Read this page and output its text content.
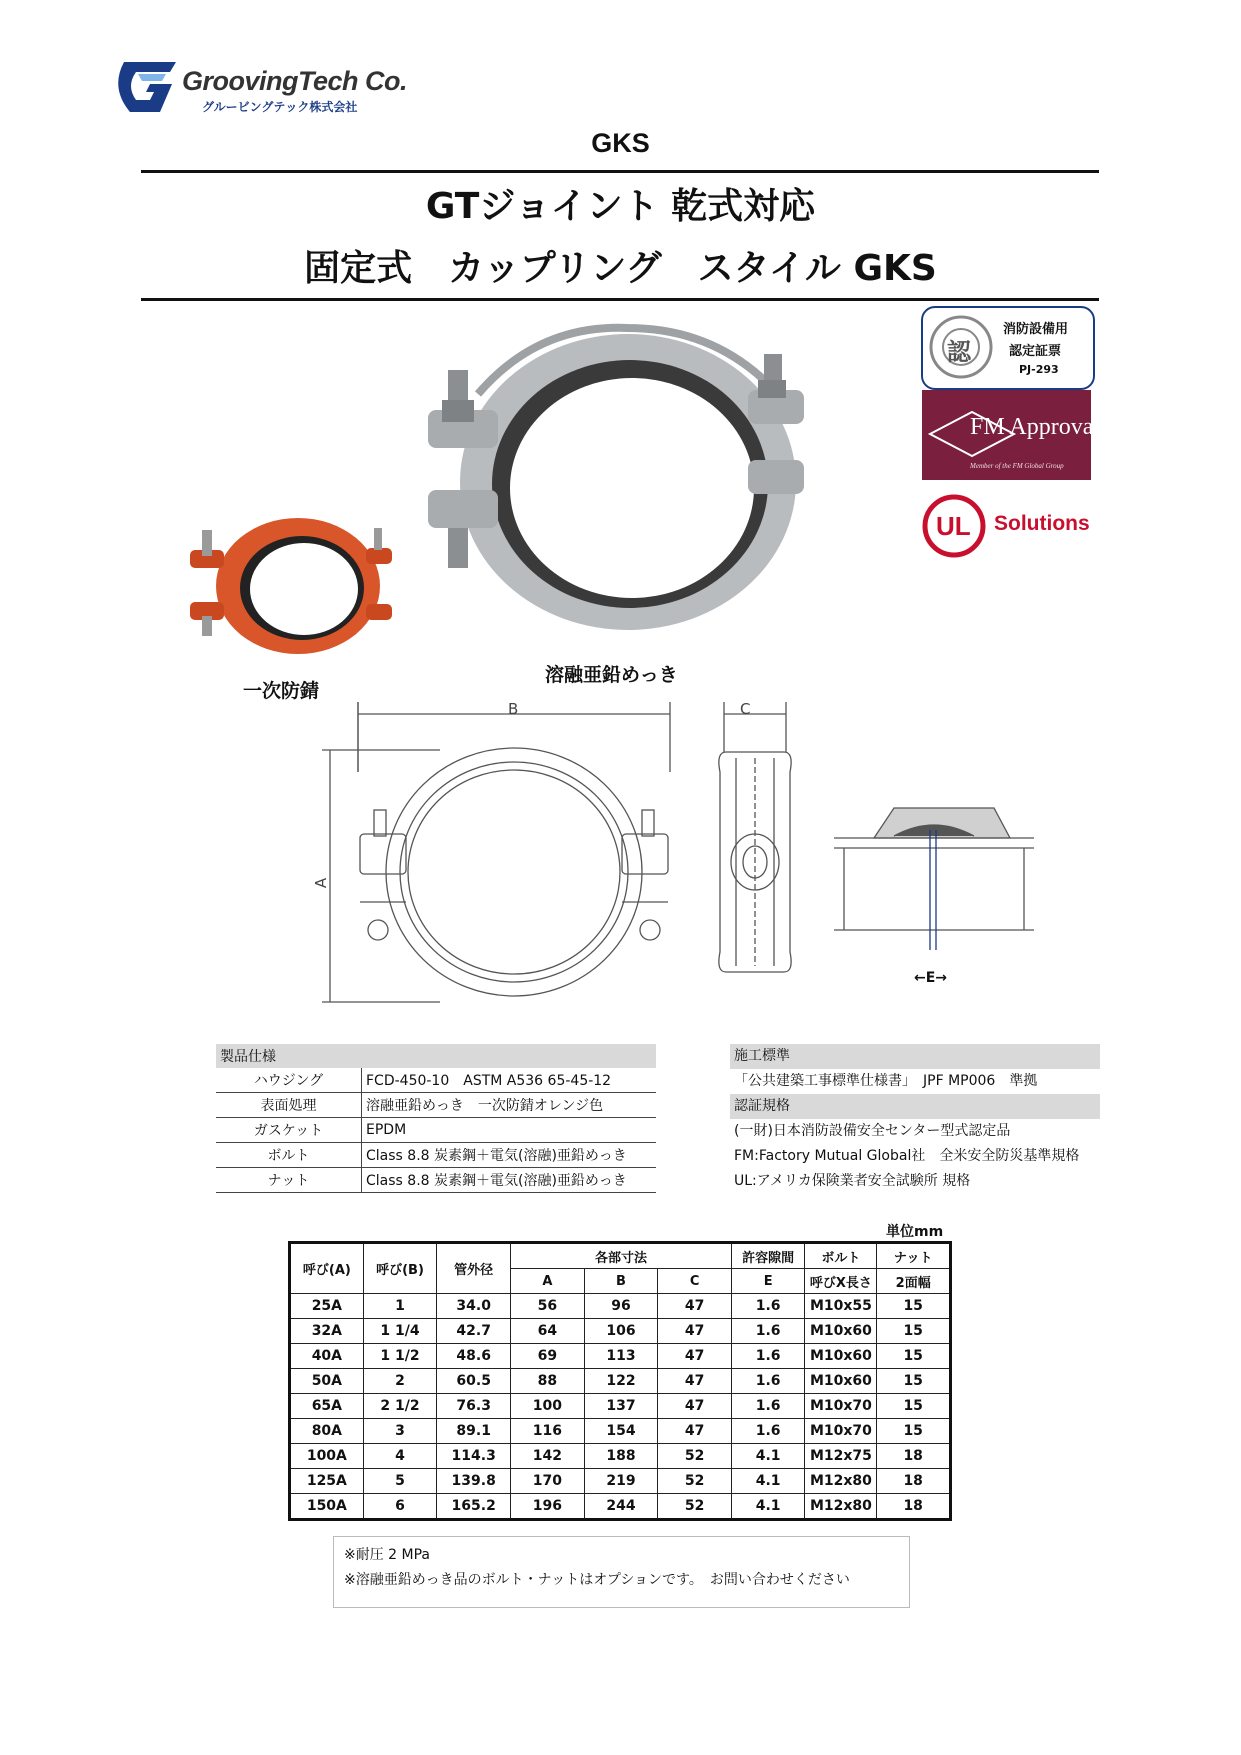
GroovingTech Co.
グルービングテック株式会社
GKS
GTジョイント 乾式対応
固定式　カップリング　スタイル GKS
認
消防設備用
認定証票
PJ-293
FM Approvals
Member of the FM Global Group
UL Solutions
一次防錆
溶融亜鉛めっき
B
A
C
←E→
製品仕様	
ハウジング	FCD-450-10　ASTM A536 65-45-12
表面処理	溶融亜鉛めっき　一次防錆オレンジ色
ガスケット	EPDM
ボルト	Class 8.8 炭素鋼＋電気(溶融)亜鉛めっき
ナット	Class 8.8 炭素鋼＋電気(溶融)亜鉛めっき
施工標準
「公共建築工事標準仕様書」　JPF MP006　準拠
認証規格
(一財)日本消防設備安全センター型式認定品
FM:Factory Mutual Global社　全米安全防災基準規格
UL:アメリカ保険業者安全試験所 規格
単位mm
呼び(A)	呼び(B)	管外径	各部寸法			許容隙間	ボルト	ナット
			A	B	C	E	呼びX長さ	2面幅
25A	1	34.0	56	96	47	1.6	M10x55	15
32A	1 1/4	42.7	64	106	47	1.6	M10x60	15
40A	1 1/2	48.6	69	113	47	1.6	M10x60	15
50A	2	60.5	88	122	47	1.6	M10x60	15
65A	2 1/2	76.3	100	137	47	1.6	M10x70	15
80A	3	89.1	116	154	47	1.6	M10x70	15
100A	4	114.3	142	188	52	4.1	M12x75	18
125A	5	139.8	170	219	52	4.1	M12x80	18
150A	6	165.2	196	244	52	4.1	M12x80	18
※耐圧 2 MPa
※溶融亜鉛めっき品のボルト・ナットはオプションです。　お問い合わせください
